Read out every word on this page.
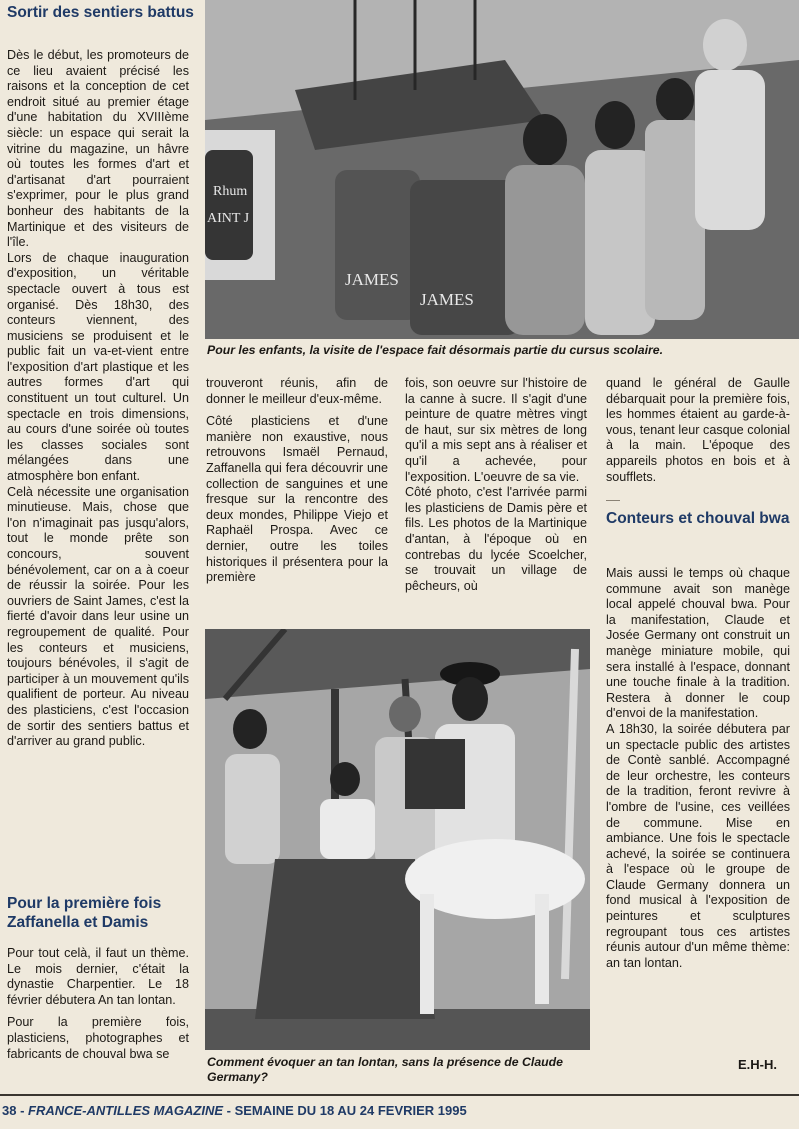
Sortir des sentiers battus

Dès le début, les promoteurs de ce lieu avaient précisé les raisons et la conception de cet endroit situé au premier étage d'une habitation du XVIIIème siècle: un espace qui serait la vitrine du magazine, un hâvre où toutes les formes d'art et d'artisanat d'art pourraient s'exprimer, pour le plus grand bonheur des habitants de la Martinique et des visiteurs de l'île.

Lors de chaque inauguration d'exposition, un véritable spectacle ouvert à tous est organisé. Dès 18h30, des conteurs viennent, des musiciens se produisent et le public fait un va-et-vient entre l'exposition d'art plastique et les autres formes d'art qui constituent un tout culturel. Un spectacle en trois dimensions, au cours d'une soirée où toutes les classes sociales sont mélangées dans une atmosphère bon enfant.

Celà nécessite une organisation minutieuse. Mais, chose que l'on n'imaginait pas jusqu'alors, tout le monde prête son concours, souvent bénévolement, car on a à coeur de réussir la soirée. Pour les ouvriers de Saint James, c'est la fierté d'avoir dans leur usine un regroupement de qualité. Pour les conteurs et musiciens, toujours bénévoles, il s'agit de participer à un mouvement qu'ils qualifient de porteur. Au niveau des plasticiens, c'est l'occasion de sortir des sentiers battus et d'arriver au grand public.

Pour la première fois Zaffanella et Damis

Pour tout celà, il faut un thème. Le mois dernier, c'était la dynastie Charpentier. Le 18 février débutera An tan lontan.

Pour la première fois, plasticiens, photographes et fabricants de chouval bwa se

Rhum
AINT J
JAMES
JAMES

Pour les enfants, la visite de l'espace fait désormais partie du cursus scolaire.

trouveront réunis, afin de donner le meilleur d'eux-même.

Côté plasticiens et d'une manière non exaustive, nous retrouvons Ismaël Pernaud, Zaffanella qui fera découvrir une collection de sanguines et une fresque sur la rencontre des deux mondes, Philippe Viejo et Raphaël Prospa. Avec ce dernier, outre les toiles historiques il présentera pour la première

fois, son oeuvre sur l'histoire de la canne à sucre. Il s'agit d'une peinture de quatre mètres vingt de haut, sur six mètres de long qu'il a mis sept ans à réaliser et qu'il a achevée, pour l'exposition. L'oeuvre de sa vie.

Côté photo, c'est l'arrivée parmi les plasticiens de Damis père et fils. Les photos de la Martinique d'antan, à l'époque où en contrebas du lycée Scoelcher, se trouvait un village de pêcheurs, où

quand le général de Gaulle débarquait pour la première fois, les hommes étaient au garde-à-vous, tenant leur casque colonial à la main. L'époque des appareils photos en bois et à soufflets.

Conteurs et chouval bwa

Mais aussi le temps où chaque commune avait son manège local appelé chouval bwa. Pour la manifestation, Claude et Josée Germany ont construit un manège miniature mobile, qui sera installé à l'espace, donnant une touche finale à la tradition. Restera à donner le coup d'envoi de la manifestation.

A 18h30, la soirée débutera par un spectacle public des artistes de Contè sanblé. Accompagné de leur orchestre, les conteurs de la tradition, feront revivre à l'ombre de l'usine, ces veillées de commune. Mise en ambiance. Une fois le spectacle achevé, la soirée se continuera à l'espace où le groupe de Claude Germany donnera un fond musical à l'exposition de peintures et sculptures regroupant tous ces artistes réunis autour d'un même thème: an tan lontan.

E.H-H.

Comment évoquer an tan lontan, sans la présence de Claude Germany?

38 - FRANCE-ANTILLES MAGAZINE - SEMAINE DU 18 AU 24 FEVRIER 1995
